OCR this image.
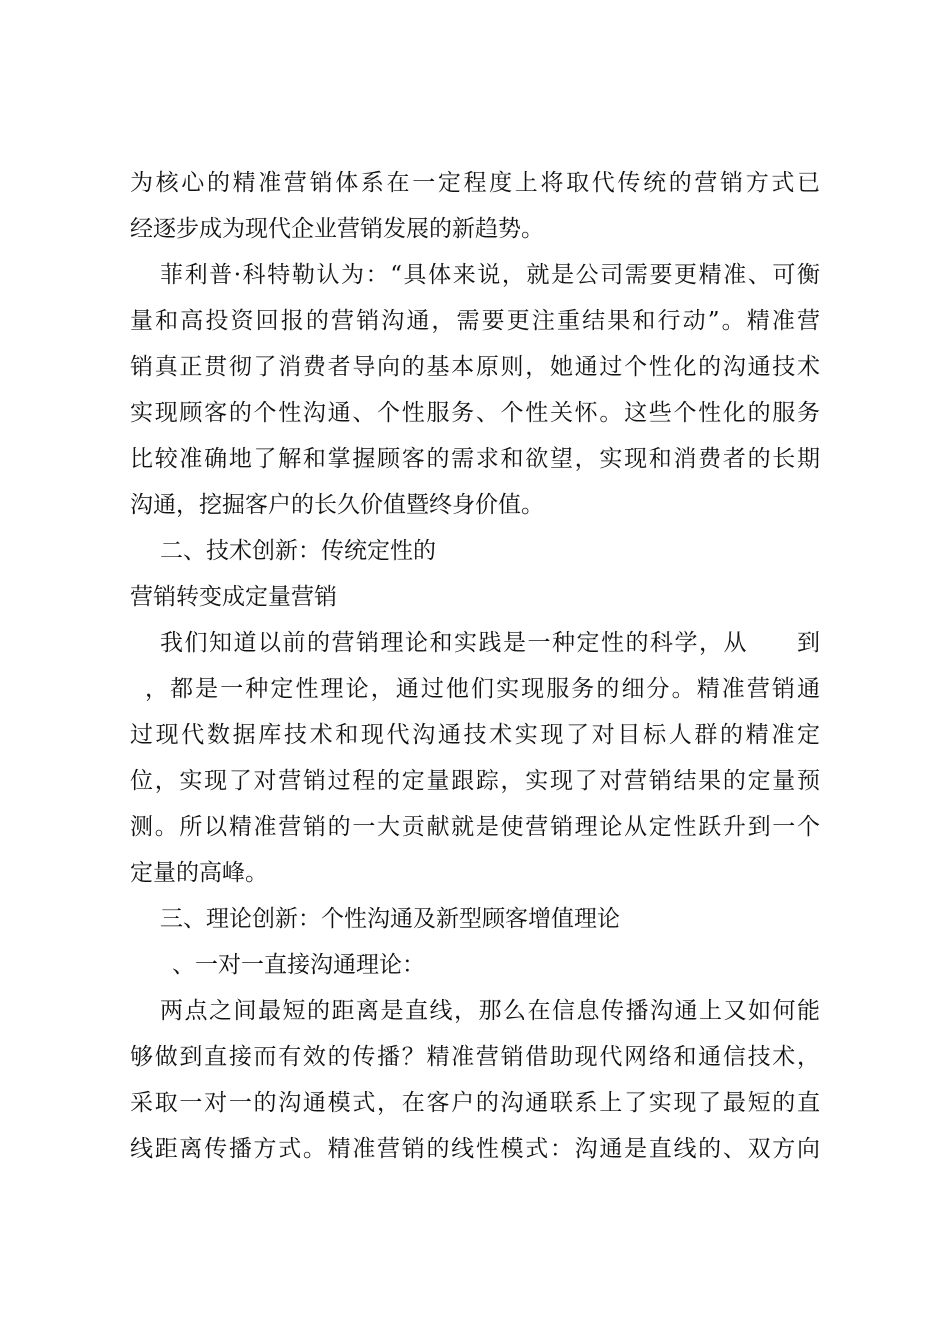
为核心的精准营销体系在一定程度上将取代传统的营销方式已
经逐步成为现代企业营销发展的新趋势。
菲利普·科特勒认为：“具体来说，就是公司需要更精准、可衡
量和高投资回报的营销沟通，需要更注重结果和行动”。精准营
销真正贯彻了消费者导向的基本原则，她通过个性化的沟通技术
实现顾客的个性沟通、个性服务、个性关怀。这些个性化的服务
比较准确地了解和掌握顾客的需求和欲望，实现和消费者的长期
沟通，挖掘客户的长久价值暨终身价值。
二、技术创新：传统定性的
营销转变成定量营销
我们知道以前的营销理论和实践是一种定性的科学，从　　到
，都是一种定性理论，通过他们实现服务的细分。精准营销通
过现代数据库技术和现代沟通技术实现了对目标人群的精准定
位，实现了对营销过程的定量跟踪，实现了对营销结果的定量预
测。所以精准营销的一大贡献就是使营销理论从定性跃升到一个
定量的高峰。
三、理论创新：个性沟通及新型顾客增值理论
、一对一直接沟通理论：
两点之间最短的距离是直线，那么在信息传播沟通上又如何能
够做到直接而有效的传播？精准营销借助现代网络和通信技术，
采取一对一的沟通模式，在客户的沟通联系上了实现了最短的直
线距离传播方式。精准营销的线性模式：沟通是直线的、双方向
